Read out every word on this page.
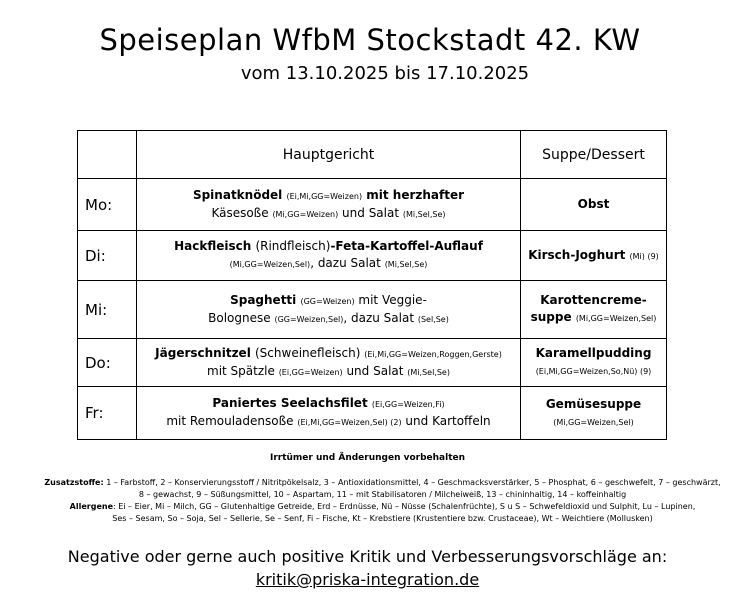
Speiseplan WfbM Stockstadt 42. KW
vom 13.10.2025 bis 17.10.2025
	Hauptgericht	Suppe/Dessert
Mo:	Spinatknödel (Ei,Mi,GG=Weizen) mit herzhafter
Käsesoße (Mi,GG=Weizen) und Salat (Mi,Sel,Se)	Obst

Di:	Hackfleisch (Rindfleisch)-Feta-Kartoffel-Auflauf
(Mi,GG=Weizen,Sel), dazu Salat (Mi,Sel,Se)	Kirsch-Joghurt (Mi) (9)

Mi:	Spaghetti (GG=Weizen) mit Veggie-
Bolognese (GG=Weizen,Sel), dazu Salat (Sel,Se)	Karottencreme-
suppe (Mi,GG=Weizen,Sel)

Do:	Jägerschnitzel (Schweinefleisch) (Ei,Mi,GG=Weizen,Roggen,Gerste)
mit Spätzle (Ei,GG=Weizen) und Salat (Mi,Sel,Se)	Karamellpudding
(Ei,Mi,GG=Weizen,So,Nü) (9)

Fr:	Paniertes Seelachsfilet (Ei,GG=Weizen,Fi)
mit Remouladensoße (Ei,Mi,GG=Weizen,Sel) (2) und Kartoffeln	Gemüsesuppe
(Mi,GG=Weizen,Sel)
Irrtümer und Änderungen vorbehalten
Zusatzstoffe: 1 – Farbstoff, 2 – Konservierungsstoff / Nitritpökelsalz, 3 – Antioxidationsmittel, 4 – Geschmacksverstärker, 5 – Phosphat, 6 – geschwefelt, 7 – geschwärzt,
8 – gewachst, 9 – Süßungsmittel, 10 – Aspartam, 11 – mit Stabilisatoren / Milcheiweiß, 13 – chininhaltig, 14 – koffeinhaltig
Allergene: Ei – Eier, Mi – Milch, GG – Glutenhaltige Getreide, Erd – Erdnüsse, Nü – Nüsse (Schalenfrüchte), S u S – Schwefeldioxid und Sulphit, Lu – Lupinen,
Ses – Sesam, So – Soja, Sel – Sellerie, Se – Senf, Fi – Fische, Kt – Krebstiere (Krustentiere bzw. Crustaceae), Wt – Weichtiere (Mollusken)
Negative oder gerne auch positive Kritik und Verbesserungsvorschläge an:
kritik@priska-integration.de
